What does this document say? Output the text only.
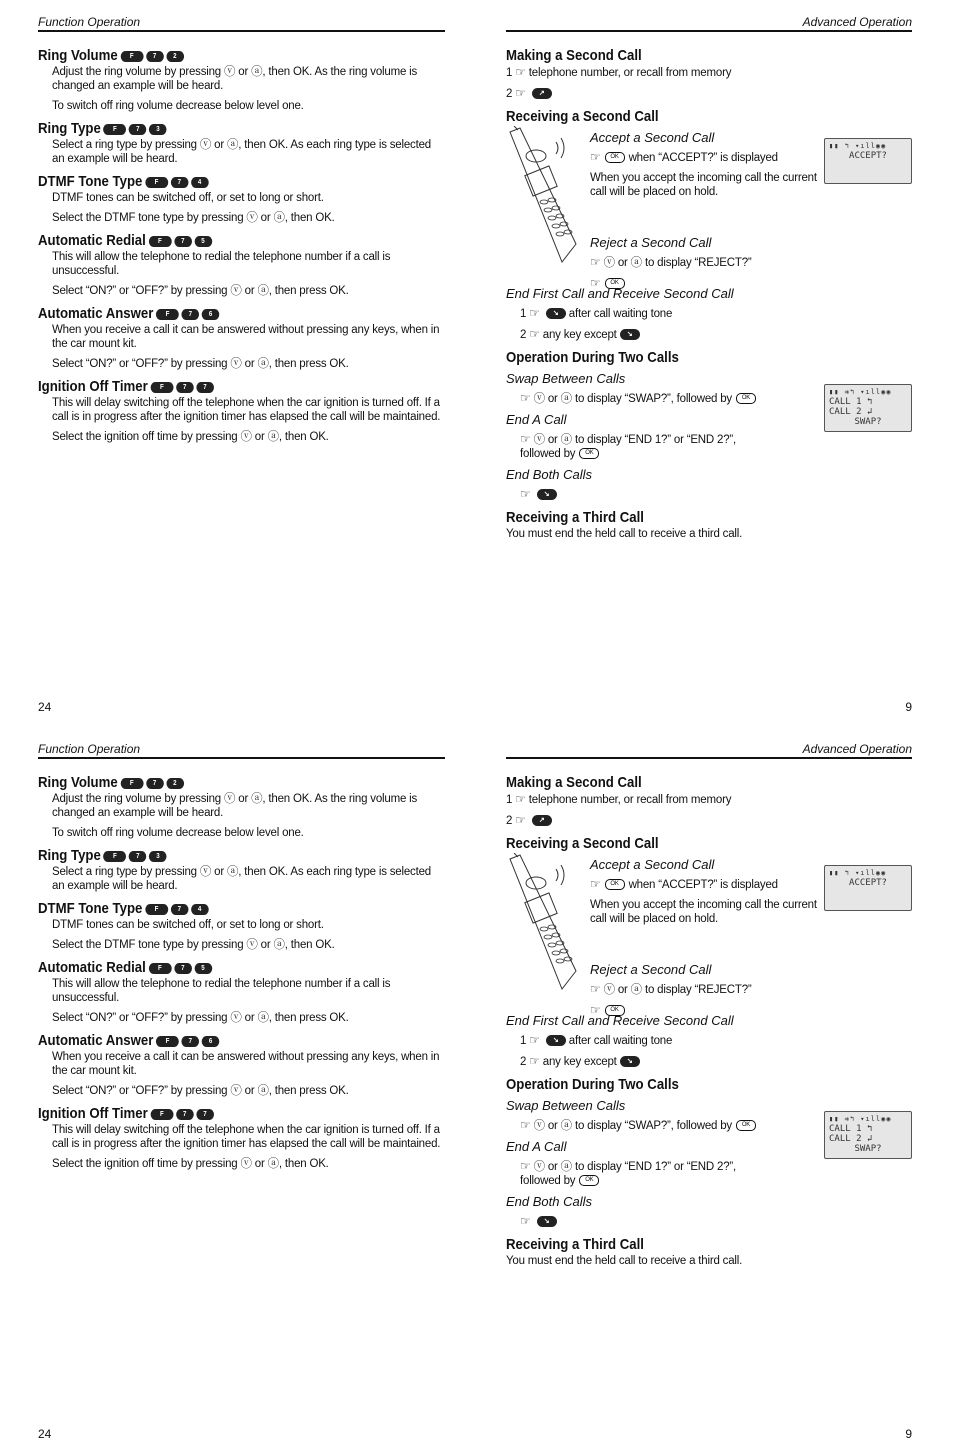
Function Operation
Ring Volume F	7 2

Adjust the ring volume by pressing ⓥ or ⓐ, then OK. As the ring volume is changed an example will be heard.

To switch off ring volume decrease below level one.

Ring Type F	7 3

Select a ring type by pressing ⓥ or ⓐ, then OK. As each ring type is selected an example will be heard.

DTMF Tone Type F	7 4

DTMF tones can be switched off, or set to long or short.

Select the DTMF tone type by pressing ⓥ or ⓐ, then OK.

Automatic Redial F	7 5

This will allow the telephone to redial the telephone number if a call is unsuccessful.

Select “ON?” or “OFF?” by pressing ⓥ or ⓐ, then press OK.

Automatic Answer F	7 6

When you receive a call it can be answered without pressing any keys, when in the car mount kit.

Select “ON?” or “OFF?” by pressing ⓥ or ⓐ, then press OK.

Ignition Off Timer F	7 7

This will delay switching off the telephone when the car ignition is turned off. If a call is in progress after the ignition timer has elapsed the call will be maintained.

Select the ignition off time by pressing ⓥ or ⓐ, then OK.

24
Advanced Operation
Making a Second Call

1 ☞ telephone number, or recall from memory

2 ☞ ↗

Receiving a Second Call
Accept a Second Call

☞ OK when “ACCEPT?” is displayed

When you accept the incoming call the current call will be placed on hold.

Reject a Second Call

☞ ⓥ or ⓐ to display “REJECT?”

☞ OK

▮▮ ↰ ▾ıll◉◉
ACCEPT?
End First Call and Receive Second Call

1 ☞ ↘ after call waiting tone

2 ☞ any key except ↘

Operation During Two Calls
Swap Between Calls

☞ ⓥ or ⓐ to display “SWAP?”, followed by OK

End A Call

☞ ⓥ or ⓐ to display “END 1?” or “END 2?”,
followed by OK

End Both Calls

☞ ↘

▮▮ ⇉↰ ▾ıll◉◉
CALL 1 ↰
CALL 2 ↲
SWAP?
Receiving a Third Call

You must end the held call to receive a third call.

9
Function Operation
Ring Volume F	7 2

Adjust the ring volume by pressing ⓥ or ⓐ, then OK. As the ring volume is changed an example will be heard.

To switch off ring volume decrease below level one.

Ring Type F	7 3

Select a ring type by pressing ⓥ or ⓐ, then OK. As each ring type is selected an example will be heard.

DTMF Tone Type F	7 4

DTMF tones can be switched off, or set to long or short.

Select the DTMF tone type by pressing ⓥ or ⓐ, then OK.

Automatic Redial F	7 5

This will allow the telephone to redial the telephone number if a call is unsuccessful.

Select “ON?” or “OFF?” by pressing ⓥ or ⓐ, then press OK.

Automatic Answer F	7 6

When you receive a call it can be answered without pressing any keys, when in the car mount kit.

Select “ON?” or “OFF?” by pressing ⓥ or ⓐ, then press OK.

Ignition Off Timer F	7 7

This will delay switching off the telephone when the car ignition is turned off. If a call is in progress after the ignition timer has elapsed the call will be maintained.

Select the ignition off time by pressing ⓥ or ⓐ, then OK.

24
Advanced Operation
Making a Second Call

1 ☞ telephone number, or recall from memory

2 ☞ ↗

Receiving a Second Call
Accept a Second Call

☞ OK when “ACCEPT?” is displayed

When you accept the incoming call the current call will be placed on hold.

Reject a Second Call

☞ ⓥ or ⓐ to display “REJECT?”

☞ OK

▮▮ ↰ ▾ıll◉◉
ACCEPT?
End First Call and Receive Second Call

1 ☞ ↘ after call waiting tone

2 ☞ any key except ↘

Operation During Two Calls
Swap Between Calls

☞ ⓥ or ⓐ to display “SWAP?”, followed by OK

End A Call

☞ ⓥ or ⓐ to display “END 1?” or “END 2?”,
followed by OK

End Both Calls

☞ ↘

▮▮ ⇉↰ ▾ıll◉◉
CALL 1 ↰
CALL 2 ↲
SWAP?
Receiving a Third Call

You must end the held call to receive a third call.

9
